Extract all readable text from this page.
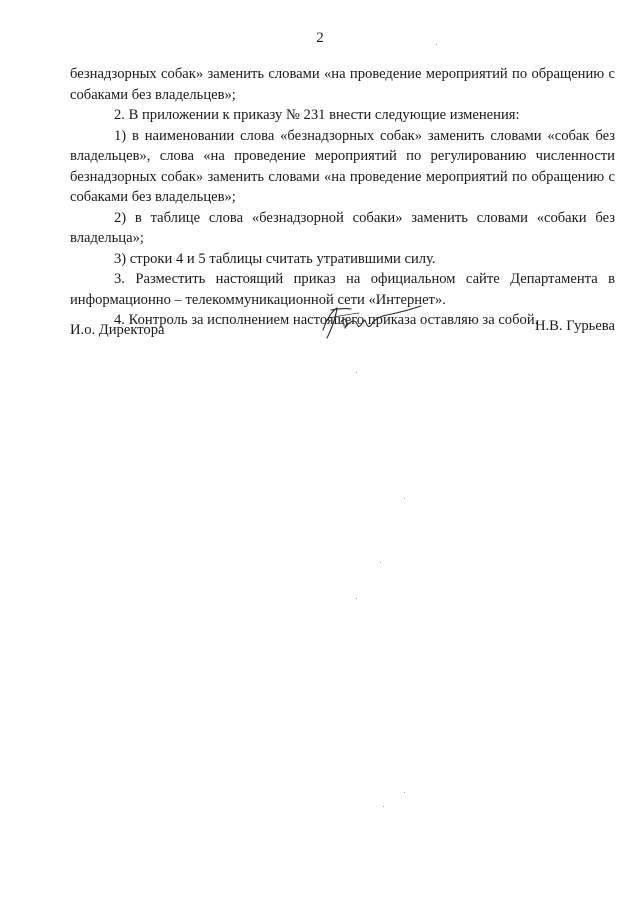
2

безнадзорных собак» заменить словами «на проведение мероприятий по обращению с собаками без владельцев»;

2. В приложении к приказу № 231 внести следующие изменения:

1) в наименовании слова «безнадзорных собак» заменить словами «собак без владельцев», слова «на проведение мероприятий по регулированию численности безнадзорных собак» заменить словами «на проведение мероприятий по обращению с собаками без владельцев»;

2) в таблице слова «безнадзорной собаки» заменить словами «собаки без владельца»;

3) строки 4 и 5 таблицы считать утратившими силу.

3. Разместить настоящий приказ на официальном сайте Департамента в информационно – телекоммуникационной сети «Интернет».

4. Контроль за исполнением настоящего приказа оставляю за собой.

И.о. Директора	Н.В. Гурьева
